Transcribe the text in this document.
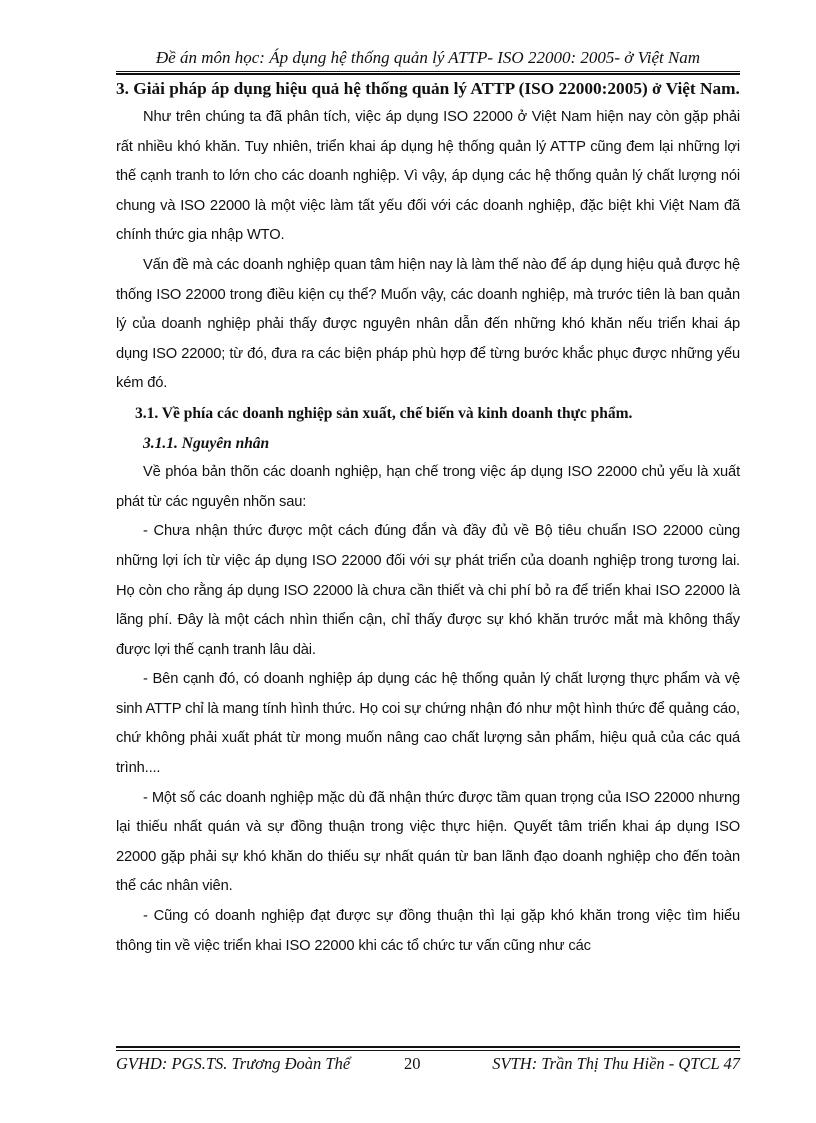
Đề án môn học: Áp dụng hệ thống quản lý ATTP- ISO 22000: 2005- ở Việt Nam

3. Giải pháp áp dụng hiệu quả hệ thống quản lý ATTP (ISO 22000:2005) ở Việt Nam.

Như trên chúng ta đã phân tích, việc áp dụng ISO 22000 ở Việt Nam hiện nay còn gặp phải rất nhiều khó khăn. Tuy nhiên, triển khai áp dụng hệ thống quản lý ATTP cũng đem lại những lợi thế cạnh tranh to lớn cho các doanh nghiệp. Vì vậy, áp dụng các hệ thống quản lý chất lượng nói chung và ISO 22000 là một việc làm tất yếu đối với các doanh nghiệp, đặc biệt khi Việt Nam đã chính thức gia nhập WTO.

Vấn đề mà các doanh nghiệp quan tâm hiện nay là làm thế nào để áp dụng hiệu quả được hệ thống ISO 22000 trong điều kiện cụ thể? Muốn vậy, các doanh nghiệp, mà trước tiên là ban quản lý của doanh nghiệp phải thấy được nguyên nhân dẫn đến những khó khăn nếu triển khai áp dụng ISO 22000; từ đó, đưa ra các biện pháp phù hợp để từng bước khắc phục được những yếu kém đó.

3.1. Về phía các doanh nghiệp sản xuất, chế biến và kinh doanh thực phẩm.

3.1.1. Nguyên nhân

Về phóa bản thõn các doanh nghiệp, hạn chế trong việc áp dụng ISO 22000 chủ yếu là xuất phát từ các nguyên nhõn sau:

- Chưa nhận thức được một cách đúng đắn và đầy đủ về Bộ tiêu chuẩn ISO 22000 cùng những lợi ích từ việc áp dụng ISO 22000 đối với sự phát triển của doanh nghiệp trong tương lai. Họ còn cho rằng áp dụng ISO 22000 là chưa cần thiết và chi phí bỏ ra để triển khai ISO 22000 là lãng phí. Đây là một cách nhìn thiển cận, chỉ thấy được sự khó khăn trước mắt mà không thấy được lợi thế cạnh tranh lâu dài.

- Bên cạnh đó, có doanh nghiệp áp dụng các hệ thống quản lý chất lượng thực phẩm và vệ sinh ATTP chỉ là mang tính hình thức. Họ coi sự chứng nhận đó như một hình thức để quảng cáo, chứ không phải xuất phát từ mong muốn nâng cao chất lượng sản phẩm, hiệu quả của các quá trình....

- Một số các doanh nghiệp mặc dù đã nhận thức được tầm quan trọng của ISO 22000 nhưng lại thiếu nhất quán và sự đồng thuận trong việc thực hiện. Quyết tâm triển khai áp dụng ISO 22000 gặp phải sự khó khăn do thiếu sự nhất quán từ ban lãnh đạo doanh nghiệp cho đến toàn thể các nhân viên.

- Cũng có doanh nghiệp đạt được sự đồng thuận thì lại gặp khó khăn trong việc tìm hiểu thông tin về việc triển khai ISO 22000 khi các tổ chức tư vấn cũng như các

GVHD: PGS.TS. Trương Đoàn Thể	20	SVTH: Trần Thị Thu Hiền - QTCL 47
